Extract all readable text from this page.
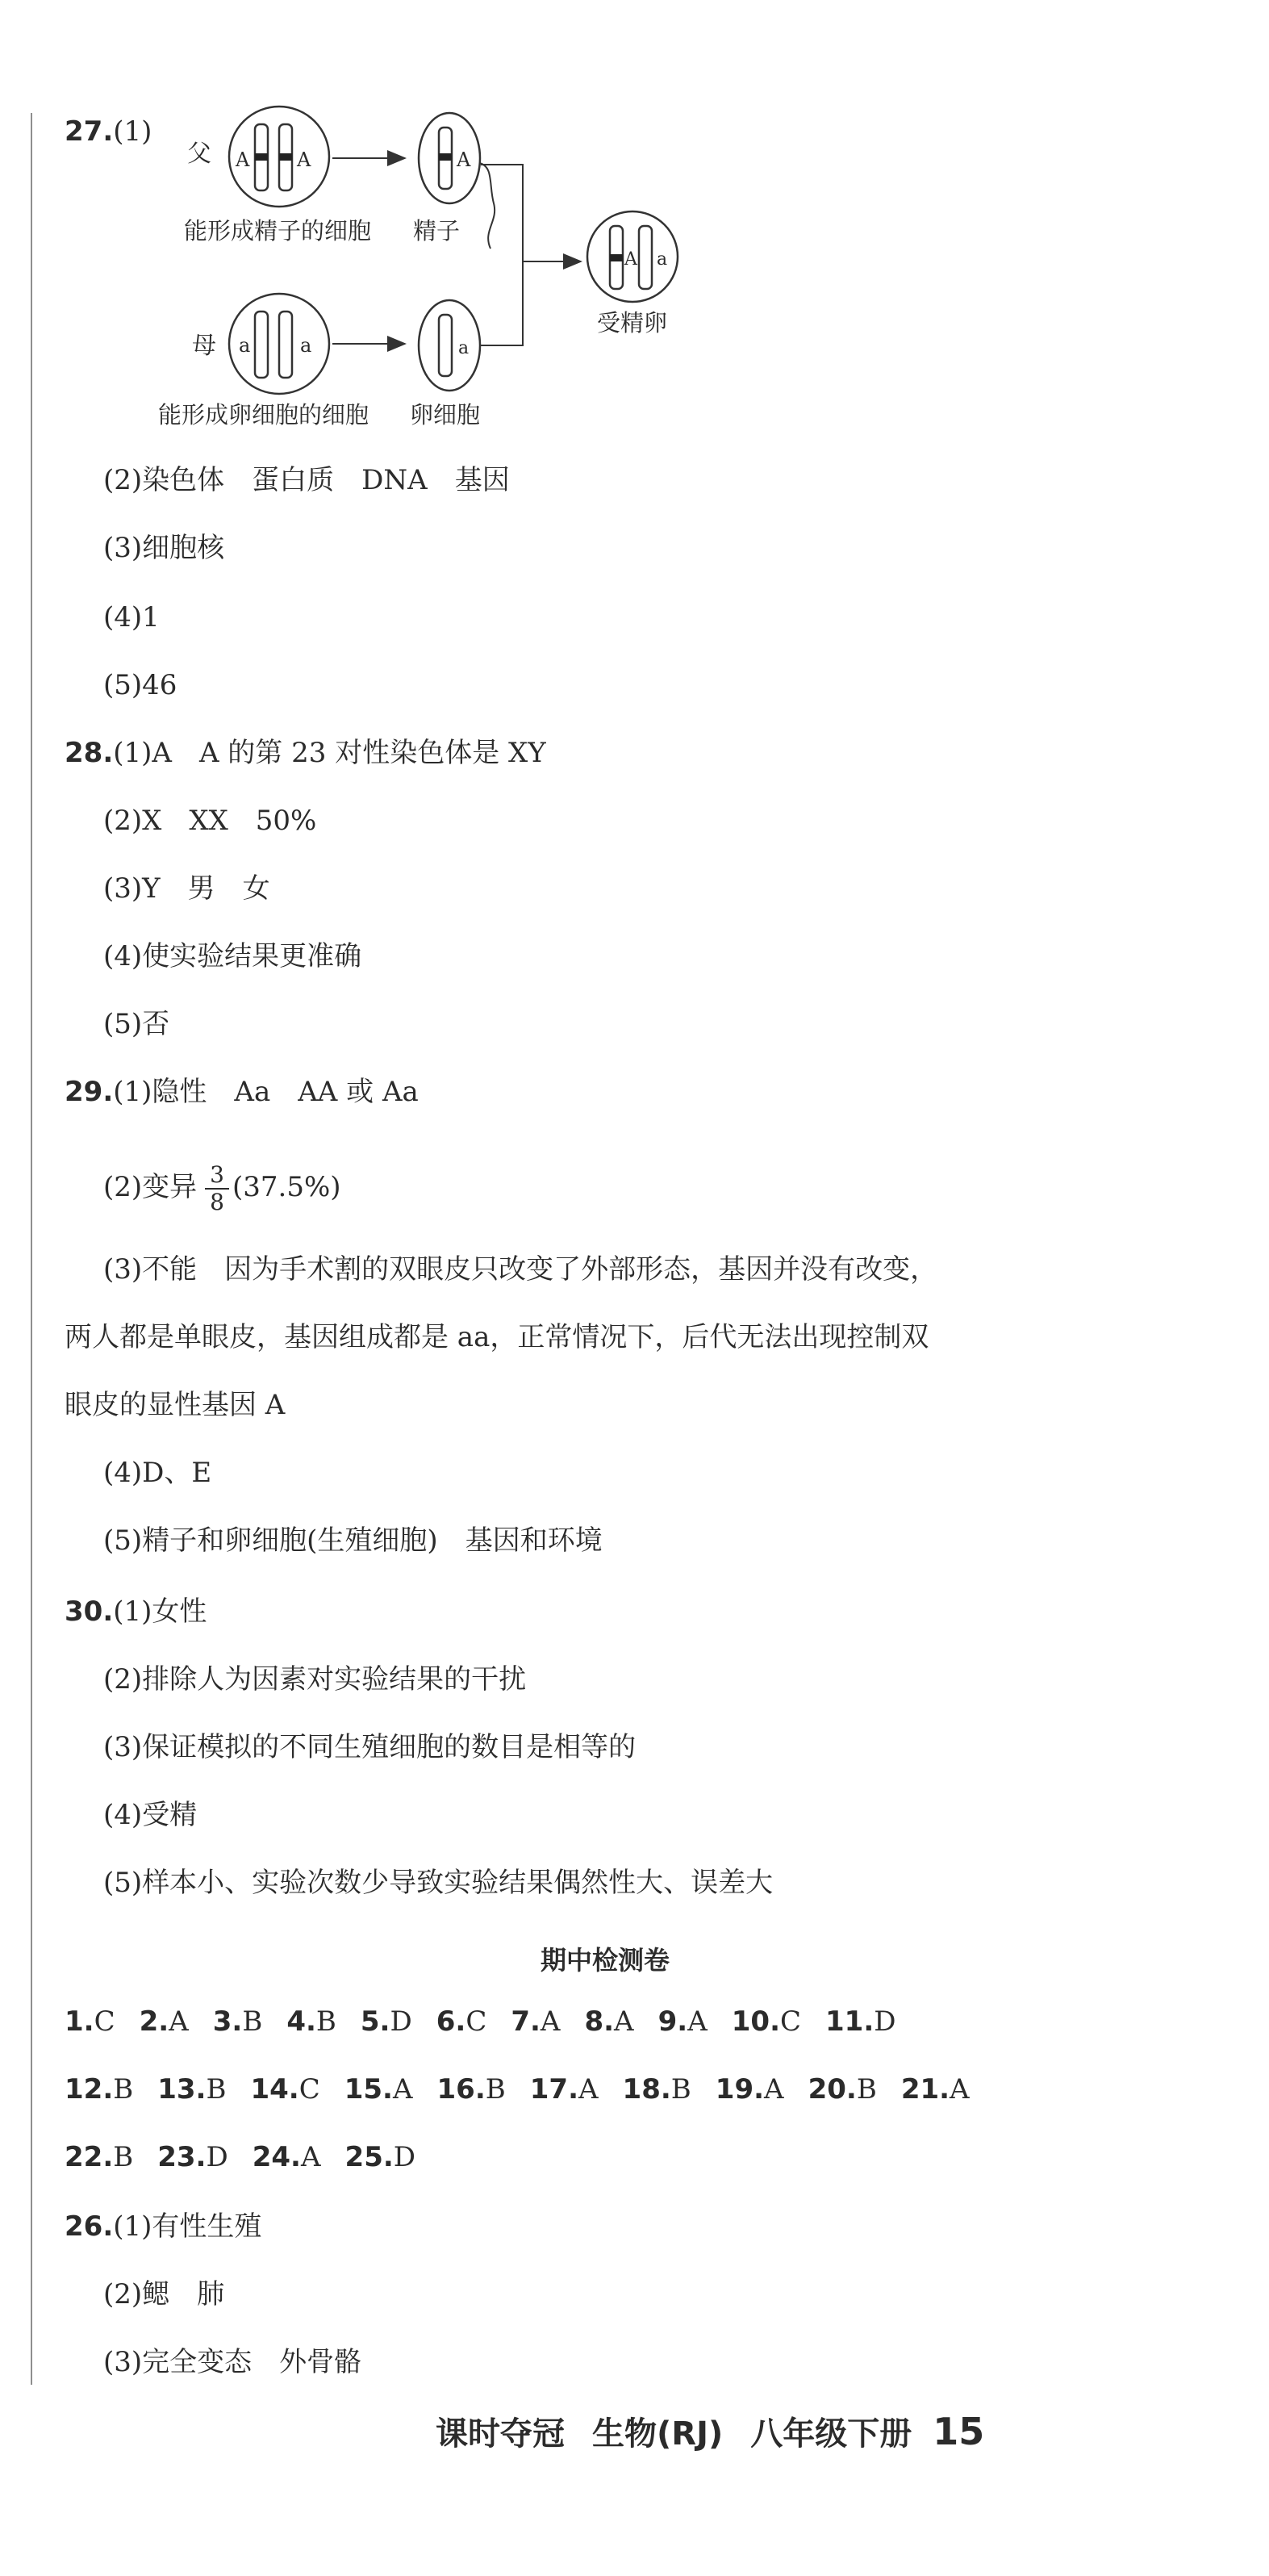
27.(1)
父 A A	A
能形成精子的细胞 精子
A a
受精卵
母 a	a	a
能形成卵细胞的细胞 卵细胞
(2)染色体　蛋白质　DNA　基因
(3)细胞核
(4)1
(5)46
28.(1)A　A 的第 23 对性染色体是 XY
(2)X　XX　50%
(3)Y　男　女
(4)使实验结果更准确
(5)否
29.(1)隐性　Aa　AA 或 Aa
(2)变异 $\frac{3}{8} (37.5\%)$
(3)不能　因为手术割的双眼皮只改变了外部形态，基因并没有改变，
两人都是单眼皮，基因组成都是 aa，正常情况下，后代无法出现控制双
眼皮的显性基因 A
(4)D、E
(5)精子和卵细胞(生殖细胞)　基因和环境
30.(1)女性
(2)排除人为因素对实验结果的干扰
(3)保证模拟的不同生殖细胞的数目是相等的
(4)受精
(5)样本小、实验次数少导致实验结果偶然性大、误差大
期中检测卷
1.C 2.A 3.B 4.B 5.D 6.C 7.A 8.A 9.A 10.C 11.D
12.B 13.B 14.C 15.A 16.B 17.A 18.B 19.A 20.B 21.A
22.B 23.D 24.A 25.D
26.(1)有性生殖
(2)鳃　肺
(3)完全变态　外骨骼
课时夺冠 生物(RJ) 八年级下册 15
